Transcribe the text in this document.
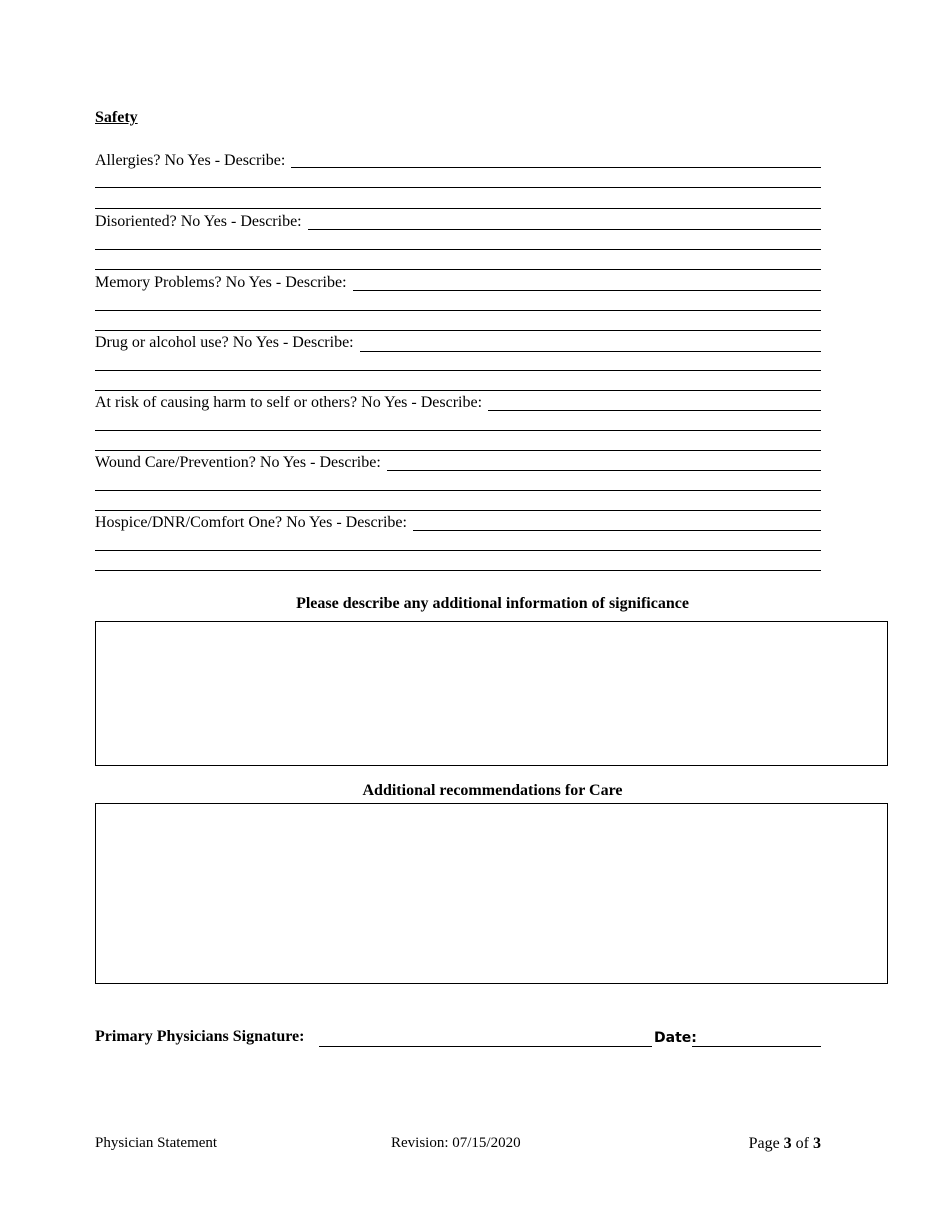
Safety
Allergies? No Yes - Describe:
Disoriented? No Yes - Describe:
Memory Problems? No Yes - Describe:
Drug or alcohol use? No Yes - Describe:
At risk of causing harm to self or others? No Yes - Describe:
Wound Care/Prevention? No Yes - Describe:
Hospice/DNR/Comfort One? No Yes - Describe:
Please describe any additional information of significance
Additional recommendations for Care
Primary Physicians Signature:	Date:
Physician Statement	Revision: 07/15/2020	Page 3 of 3
